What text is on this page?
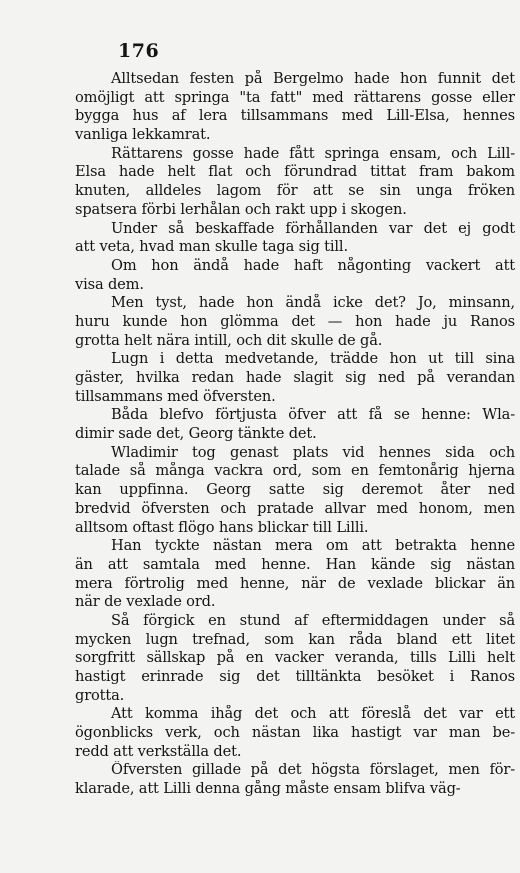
176
Alltsedan festen på Bergelmo hade hon funnit det
omöjligt att springa "ta fatt" med rättarens gosse eller
bygga hus af lera tillsammans med Lill-Elsa, hennes
vanliga lekkamrat.
Rättarens gosse hade fått springa ensam, och Lill-
Elsa hade helt flat och förundrad tittat fram bakom
knuten, alldeles lagom för att se sin unga fröken
spatsera förbi lerhålan och rakt upp i skogen.
Under så beskaffade förhållanden var det ej godt
att veta, hvad man skulle taga sig till.
Om hon ändå hade haft någonting vackert att
visa dem.
Men tyst, hade hon ändå icke det? Jo, minsann,
huru kunde hon glömma det — hon hade ju Ranos
grotta helt nära intill, och dit skulle de gå.
Lugn i detta medvetande, trädde hon ut till sina
gäster, hvilka redan hade slagit sig ned på verandan
tillsammans med öfversten.
Båda blefvo förtjusta öfver att få se henne: Wla-
dimir sade det, Georg tänkte det.
Wladimir tog genast plats vid hennes sida och
talade så många vackra ord, som en femtonårig hjerna
kan uppfinna. Georg satte sig deremot åter ned
bredvid öfversten och pratade allvar med honom, men
alltsom oftast flögo hans blickar till Lilli.
Han tyckte nästan mera om att betrakta henne
än att samtala med henne. Han kände sig nästan
mera förtrolig med henne, när de vexlade blickar än
när de vexlade ord.
Så förgick en stund af eftermiddagen under så
mycken lugn trefnad, som kan råda bland ett litet
sorgfritt sällskap på en vacker veranda, tills Lilli helt
hastigt erinrade sig det tilltänkta besöket i Ranos
grotta.
Att komma ihåg det och att föreslå det var ett
ögonblicks verk, och nästan lika hastigt var man be-
redd att verkställa det.
Öfversten gillade på det högsta förslaget, men för-
klarade, att Lilli denna gång måste ensam blifva väg-
